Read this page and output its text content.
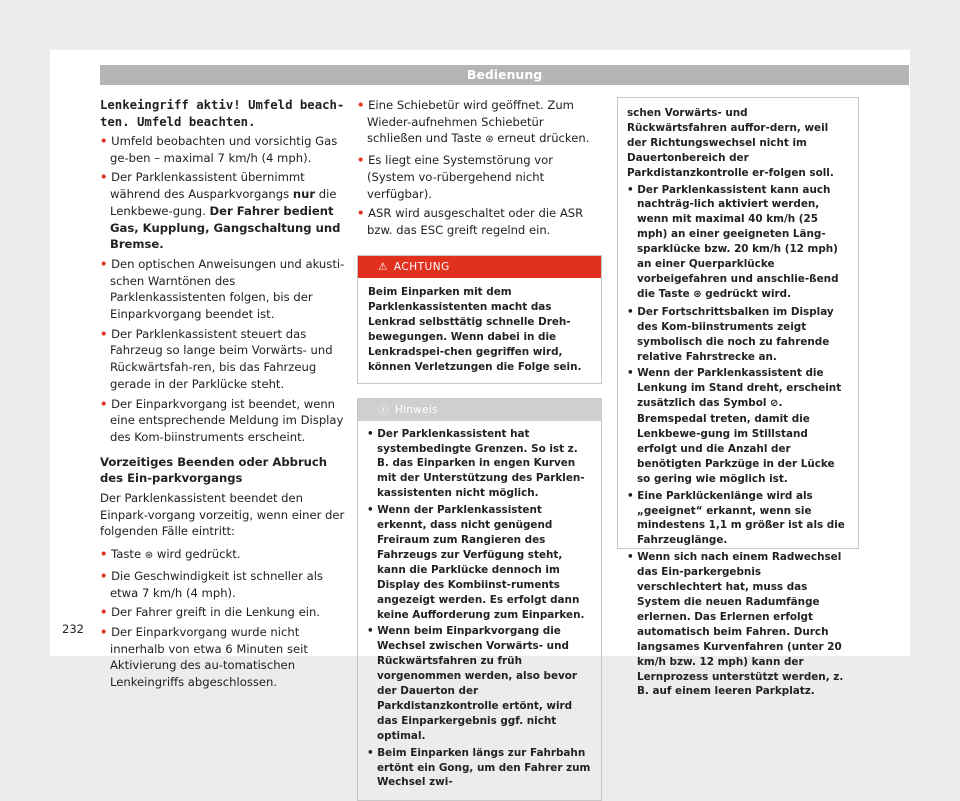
Bedienung

Lenkeingriff aktiv! Umfeld beach-ten. Umfeld beachten.

• Umfeld beobachten und vorsichtig Gas ge-ben – maximal 7 km/h (4 mph).

• Der Parklenkassistent übernimmt während des Ausparkvorgangs nur die Lenkbewe-gung. Der Fahrer bedient Gas, Kupplung, Gangschaltung und Bremse.

• Den optischen Anweisungen und akusti-schen Warntönen des Parklenkassistenten folgen, bis der Einparkvorgang beendet ist.

• Der Parklenkassistent steuert das Fahrzeug so lange beim Vorwärts- und Rückwärtsfah-ren, bis das Fahrzeug gerade in der Parklücke steht.

• Der Einparkvorgang ist beendet, wenn eine entsprechende Meldung im Display des Kom-biinstruments erscheint.

Vorzeitiges Beenden oder Abbruch des Ein-parkvorgangs

Der Parklenkassistent beendet den Einpark-vorgang vorzeitig, wenn einer der folgenden Fälle eintritt:

• Taste ⊛ wird gedrückt.

• Die Geschwindigkeit ist schneller als etwa 7 km/h (4 mph).

• Der Fahrer greift in die Lenkung ein.

• Der Einparkvorgang wurde nicht innerhalb von etwa 6 Minuten seit Aktivierung des au-tomatischen Lenkeingriffs abgeschlossen.

• Eine Schiebetür wird geöffnet. Zum Wieder-aufnehmen Schiebetür schließen und Taste ⊛ erneut drücken.

• Es liegt eine Systemstörung vor (System vo-rübergehend nicht verfügbar).

• ASR wird ausgeschaltet oder die ASR bzw. das ESC greift regelnd ein.

⚠ ACHTUNG
Beim Einparken mit dem Parklenkassistenten macht das Lenkrad selbsttätig schnelle Dreh-bewegungen. Wenn dabei in die Lenkradspei-chen gegriffen wird, können Verletzungen die Folge sein.
ⓘ Hinweis

• Der Parklenkassistent hat systembedingte Grenzen. So ist z. B. das Einparken in engen Kurven mit der Unterstützung des Parklen-kassistenten nicht möglich.

• Wenn der Parklenkassistent erkennt, dass nicht genügend Freiraum zum Rangieren des Fahrzeugs zur Verfügung steht, kann die Parklücke dennoch im Display des Kombiinst-ruments angezeigt werden. Es erfolgt dann keine Aufforderung zum Einparken.

• Wenn beim Einparkvorgang die Wechsel zwischen Vorwärts- und Rückwärtsfahren zu früh vorgenommen werden, also bevor der Dauerton der Parkdistanzkontrolle ertönt, wird das Einparkergebnis ggf. nicht optimal.

• Beim Einparken längs zur Fahrbahn ertönt ein Gong, um den Fahrer zum Wechsel zwi-

schen Vorwärts- und Rückwärtsfahren auffor-dern, weil der Richtungswechsel nicht im Dauertonbereich der Parkdistanzkontrolle er-folgen soll.

• Der Parklenkassistent kann auch nachträg-lich aktiviert werden, wenn mit maximal 40 km/h (25 mph) an einer geeigneten Läng-sparklücke bzw. 20 km/h (12 mph) an einer Querparklücke vorbeigefahren und anschlie-ßend die Taste ⊛ gedrückt wird.

• Der Fortschrittsbalken im Display des Kom-biinstruments zeigt symbolisch die noch zu fahrende relative Fahrstrecke an.

• Wenn der Parklenkassistent die Lenkung im Stand dreht, erscheint zusätzlich das Symbol ⊘. Bremspedal treten, damit die Lenkbewe-gung im Stillstand erfolgt und die Anzahl der benötigten Parkzüge in der Lücke so gering wie möglich ist.

• Eine Parklückenlänge wird als „geeignet“ erkannt, wenn sie mindestens 1,1 m größer ist als die Fahrzeuglänge.

• Wenn sich nach einem Radwechsel das Ein-parkergebnis verschlechtert hat, muss das System die neuen Radumfänge erlernen. Das Erlernen erfolgt automatisch beim Fahren. Durch langsames Kurvenfahren (unter 20 km/h bzw. 12 mph) kann der Lernprozess unterstützt werden, z. B. auf einem leeren Parkplatz.

232
